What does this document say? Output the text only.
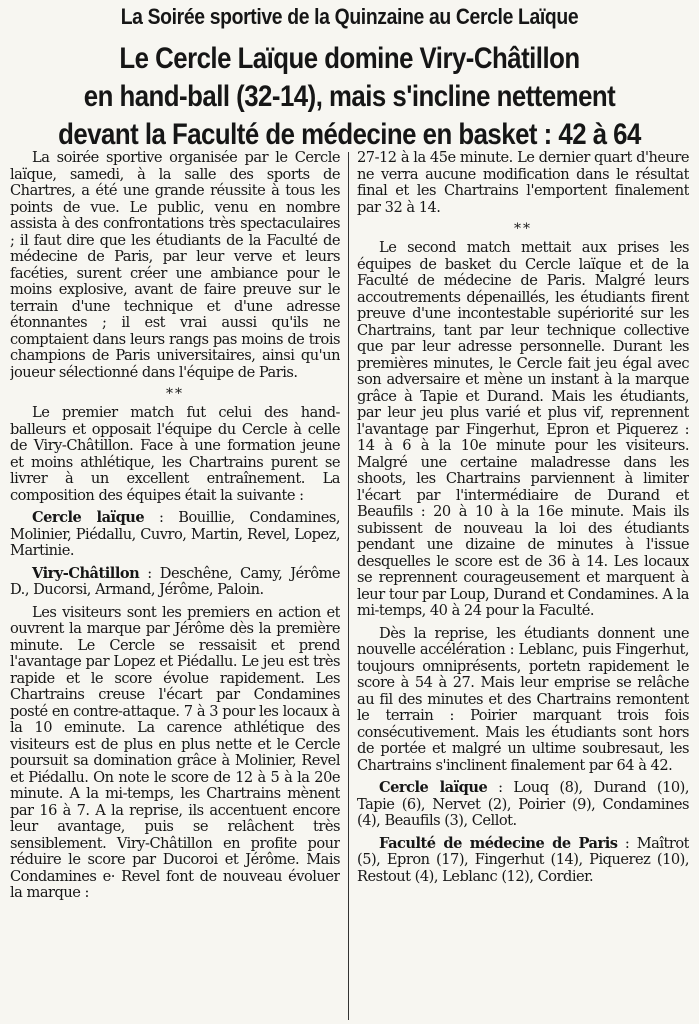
La Soirée sportive de la Quinzaine au Cercle Laïque
Le Cercle Laïque domine Viry-Châtillon
en hand-ball (32-14), mais s'incline nettement
devant la Faculté de médecine en basket : 42 à 64

La soirée sportive organisée par le Cercle laïque, samedi, à la salle des sports de Chartres, a été une grande réussite à tous les points de vue. Le public, venu en nombre assista à des confrontations très spectaculaires ; il faut dire que les étudiants de la Faculté de médecine de Paris, par leur verve et leurs facéties, surent créer une ambiance pour le moins explosive, avant de faire preuve sur le terrain d'une technique et d'une adresse étonnantes ; il est vrai aussi qu'ils ne comptaient dans leurs rangs pas moins de trois champions de Paris universitaires, ainsi qu'un joueur sélectionné dans l'équipe de Paris.

**

Le premier match fut celui des hand-balleurs et opposait l'équipe du Cercle à celle de Viry-Châtillon. Face à une formation jeune et moins athlétique, les Chartrains purent se livrer à un excellent entraînement. La composition des équipes était la suivante :

Cercle laïque : Bouillie, Condamines, Molinier, Piédallu, Cuvro, Martin, Revel, Lopez, Martinie.

Viry-Châtillon : Deschêne, Camy, Jérôme D., Ducorsi, Armand, Jérôme, Paloin.

Les visiteurs sont les premiers en action et ouvrent la marque par Jérôme dès la première minute. Le Cercle se ressaisit et prend l'avantage par Lopez et Piédallu. Le jeu est très rapide et le score évolue rapidement. Les Chartrains creuse l'écart par Condamines posté en contre-attaque. 7 à 3 pour les locaux à la 10 eminute. La carence athlétique des visiteurs est de plus en plus nette et le Cercle poursuit sa domination grâce à Molinier, Revel et Piédallu. On note le score de 12 à 5 à la 20e minute. A la mi-temps, les Chartrains mènent par 16 à 7. A la reprise, ils accentuent encore leur avantage, puis se relâchent très sensiblement. Viry-Châtillon en profite pour réduire le score par Ducoroi et Jérôme. Mais Condamines e· Revel font de nouveau évoluer la marque :

27-12 à la 45e minute. Le dernier quart d'heure ne verra aucune modification dans le résultat final et les Chartrains l'emportent finalement par 32 à 14.

**

Le second match mettait aux prises les équipes de basket du Cercle laïque et de la Faculté de médecine de Paris. Malgré leurs accoutrements dépenaillés, les étudiants firent preuve d'une incontestable supériorité sur les Chartrains, tant par leur technique collective que par leur adresse personnelle. Durant les premières minutes, le Cercle fait jeu égal avec son adversaire et mène un instant à la marque grâce à Tapie et Durand. Mais les étudiants, par leur jeu plus varié et plus vif, reprennent l'avantage par Fingerhut, Epron et Piquerez : 14 à 6 à la 10e minute pour les visiteurs. Malgré une certaine maladresse dans les shoots, les Chartrains parviennent à limiter l'écart par l'intermédiaire de Durand et Beaufils : 20 à 10 à la 16e minute. Mais ils subissent de nouveau la loi des étudiants pendant une dizaine de minutes à l'issue desquelles le score est de 36 à 14. Les locaux se reprennent courageusement et marquent à leur tour par Loup, Durand et Condamines. A la mi-temps, 40 à 24 pour la Faculté.

Dès la reprise, les étudiants donnent une nouvelle accélération : Leblanc, puis Fingerhut, toujours omniprésents, portetn rapidement le score à 54 à 27. Mais leur emprise se relâche au fil des minutes et des Chartrains remontent le terrain : Poirier marquant trois fois consécutivement. Mais les étudiants sont hors de portée et malgré un ultime soubresaut, les Chartrains s'inclinent finalement par 64 à 42.

Cercle laïque : Louq (8), Durand (10), Tapie (6), Nervet (2), Poirier (9), Condamines (4), Beaufils (3), Cellot.

Faculté de médecine de Paris : Maîtrot (5), Epron (17), Fingerhut (14), Piquerez (10), Restout (4), Leblanc (12), Cordier.
